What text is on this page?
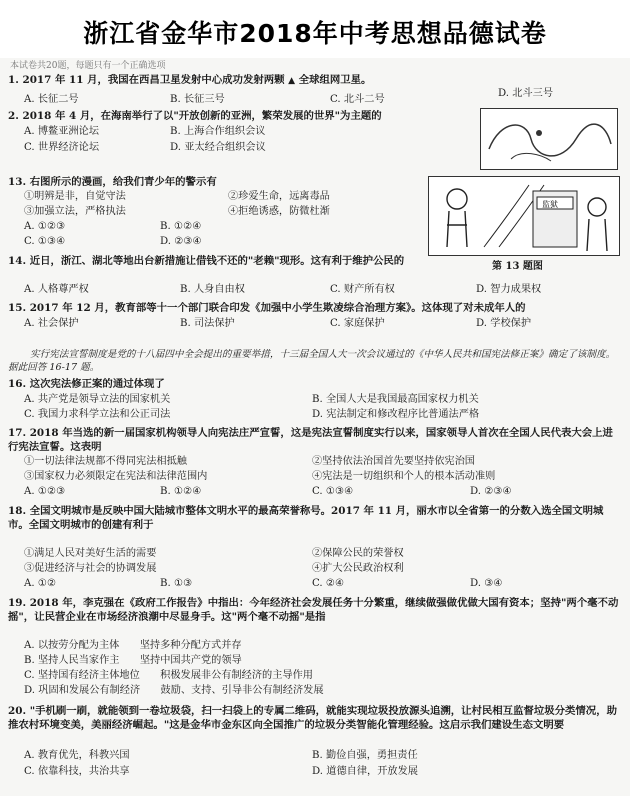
浙江省金华市2018年中考思想品德试卷
本试卷共20题，每题只有一个正确选项
1. 2017 年 11 月，我国在西昌卫星发射中心成功发射两颗 ▲ 全球组网卫星。
D. 北斗三号
A. 长征二号	B. 长征三号	C. 北斗二号
2. 2018 年 4 月，在海南举行了以"开放创新的亚洲，繁荣发展的世界"为主题的
A. 博鳌亚洲论坛	B. 上海合作组织会议
C. 世界经济论坛	D. 亚太经合组织会议
13. 右图所示的漫画，给我们青少年的警示有
①明辨是非，自觉守法	②珍爱生命，远离毒品
③加强立法，严格执法	④拒绝诱惑，防微杜渐
A. ①②③	B. ①②④
C. ①③④	D. ②③④
监狱
第 13 题图
14. 近日，浙江、湖北等地出台新措施让借钱不还的"老赖"现形。这有利于维护公民的
A. 人格尊严权	B. 人身自由权	C. 财产所有权	D. 智力成果权
15. 2017 年 12 月，教育部等十一个部门联合印发《加强中小学生欺凌综合治理方案》。这体现了对未成年人的
A. 社会保护	B. 司法保护	C. 家庭保护	D. 学校保护
实行宪法宣誓制度是党的十八届四中全会提出的重要举措，十三届全国人大一次会议通过的《中华人民共和国宪法修正案》确定了该制度。据此回答 16-17 题。
16. 这次宪法修正案的通过体现了
A. 共产党是领导立法的国家机关	B. 全国人大是我国最高国家权力机关
C. 我国力求科学立法和公正司法	D. 宪法制定和修改程序比普通法严格
17. 2018 年当选的新一届国家机构领导人向宪法庄严宣誓，这是宪法宣誓制度实行以来，国家领导人首次在全国人民代表大会上进行宪法宣誓。这表明
①一切法律法规都不得同宪法相抵触	②坚持依法治国首先要坚持依宪治国
③国家权力必须限定在宪法和法律范围内	④宪法是一切组织和个人的根本活动准则
A. ①②③	B. ①②④	C. ①③④	D. ②③④
18. 全国文明城市是反映中国大陆城市整体文明水平的最高荣誉称号。2017 年 11 月，丽水市以全省第一的分数入选全国文明城市。全国文明城市的创建有利于
①满足人民对美好生活的需要	②保障公民的荣誉权
③促进经济与社会的协调发展	④扩大公民政治权利
A. ①②	B. ①③	C. ②④	D. ③④
19. 2018 年，李克强在《政府工作报告》中指出：今年经济社会发展任务十分繁重，继续做强做优做大国有资本；坚持"两个毫不动摇"，让民营企业在市场经济浪潮中尽显身手。这"两个毫不动摇"是指
A. 以按劳分配为主体　　坚持多种分配方式并存
B. 坚持人民当家作主　　坚持中国共产党的领导
C. 坚持国有经济主体地位　　积极发展非公有制经济的主导作用
D. 巩固和发展公有制经济　　鼓励、支持、引导非公有制经济发展
20. "手机刷一刷，就能领到一卷垃圾袋，扫一扫袋上的专属二维码，就能实现垃圾投放源头追溯，让村民相互监督垃圾分类情况，助推农村环境变美，美丽经济崛起。"这是金华市金东区向全国推广的垃圾分类智能化管理经验。这启示我们建设生态文明要
A. 教育优先，科教兴国	B. 勤俭自强，勇担责任
C. 依靠科技，共治共享	D. 道德自律，开放发展
